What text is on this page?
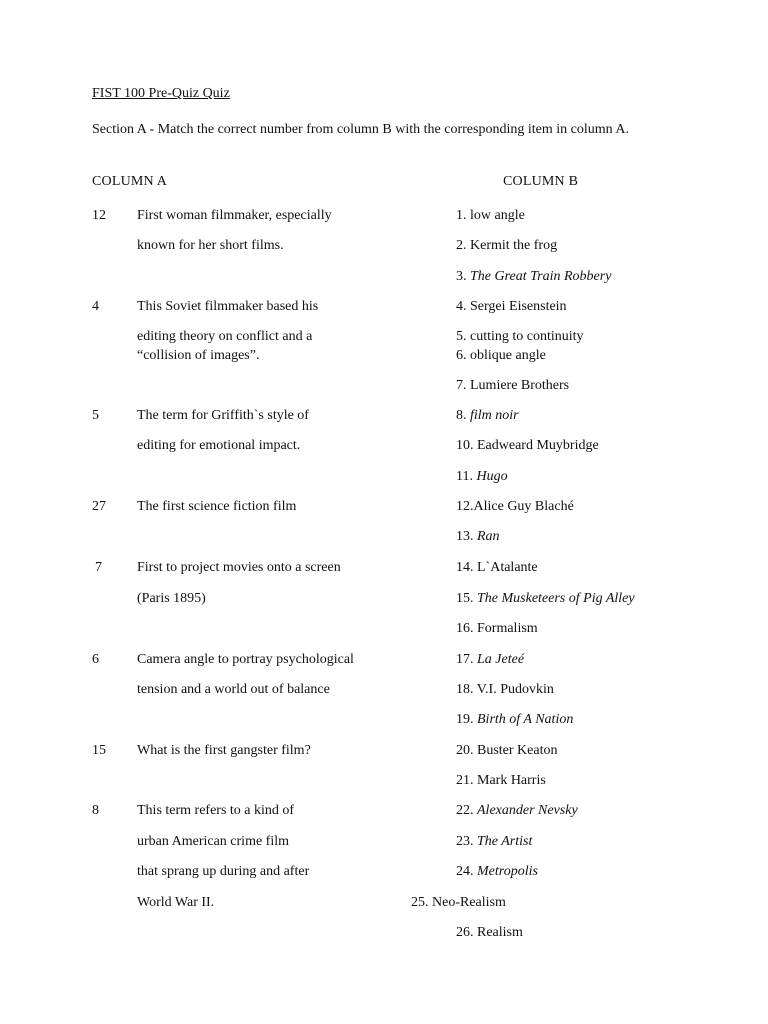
FIST 100 Pre-Quiz Quiz
Section A - Match the correct number from column B with the corresponding item in column A.
COLUMN A	COLUMN B
12 First woman filmmaker, especially
known for her short films.
4	This Soviet filmmaker based his
editing theory on conflict and a
“collision of images”.
5	The term for Griffith`s style of
editing for emotional impact.
27 The first science fiction film
7	First to project movies onto a screen
(Paris 1895)
6	Camera angle to portray psychological
tension and a world out of balance
15 What is the first gangster film?
8	This term refers to a kind of
urban American crime film
that sprang up during and after
World War II.
1. low angle
2. Kermit the frog
3. The Great Train Robbery
4. Sergei Eisenstein
5. cutting to continuity
6. oblique angle
7. Lumiere Brothers
8. film noir
10. Eadweard Muybridge
11. Hugo
12.Alice Guy Blaché
13. Ran
14. L`Atalante
15. The Musketeers of Pig Alley
16. Formalism
17. La Jeteé
18. V.I. Pudovkin
19. Birth of A Nation
20. Buster Keaton
21. Mark Harris
22. Alexander Nevsky
23. The Artist
24. Metropolis
25. Neo-Realism
26. Realism
